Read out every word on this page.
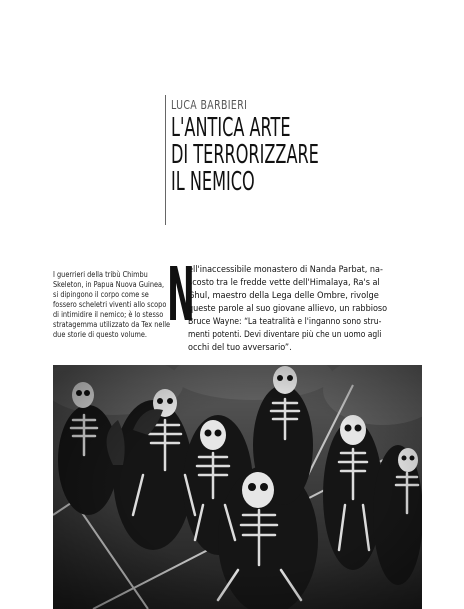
LUCA BARBIERI
L'ANTICA ARTE
DI TERRORIZZARE
IL NEMICO
I guerrieri della tribù Chimbu
Skeleton, in Papua Nuova Guinea,
si dipingono il corpo come se
fossero scheletri viventi allo scopo
di intimidire il nemico; è lo stesso
stratagemma utilizzato da Tex nelle
due storie di questo volume. N
ell'inaccessibile monastero di Nanda Parbat, na-
scosto tra le fredde vette dell'Himalaya, Ra's al
Ghul, maestro della Lega delle Ombre, rivolge
queste parole al suo giovane allievo, un rabbioso
Bruce Wayne: “La teatralità e l'inganno sono stru-
menti potenti. Devi diventare più che un uomo agli
occhi del tuo avversario”.
